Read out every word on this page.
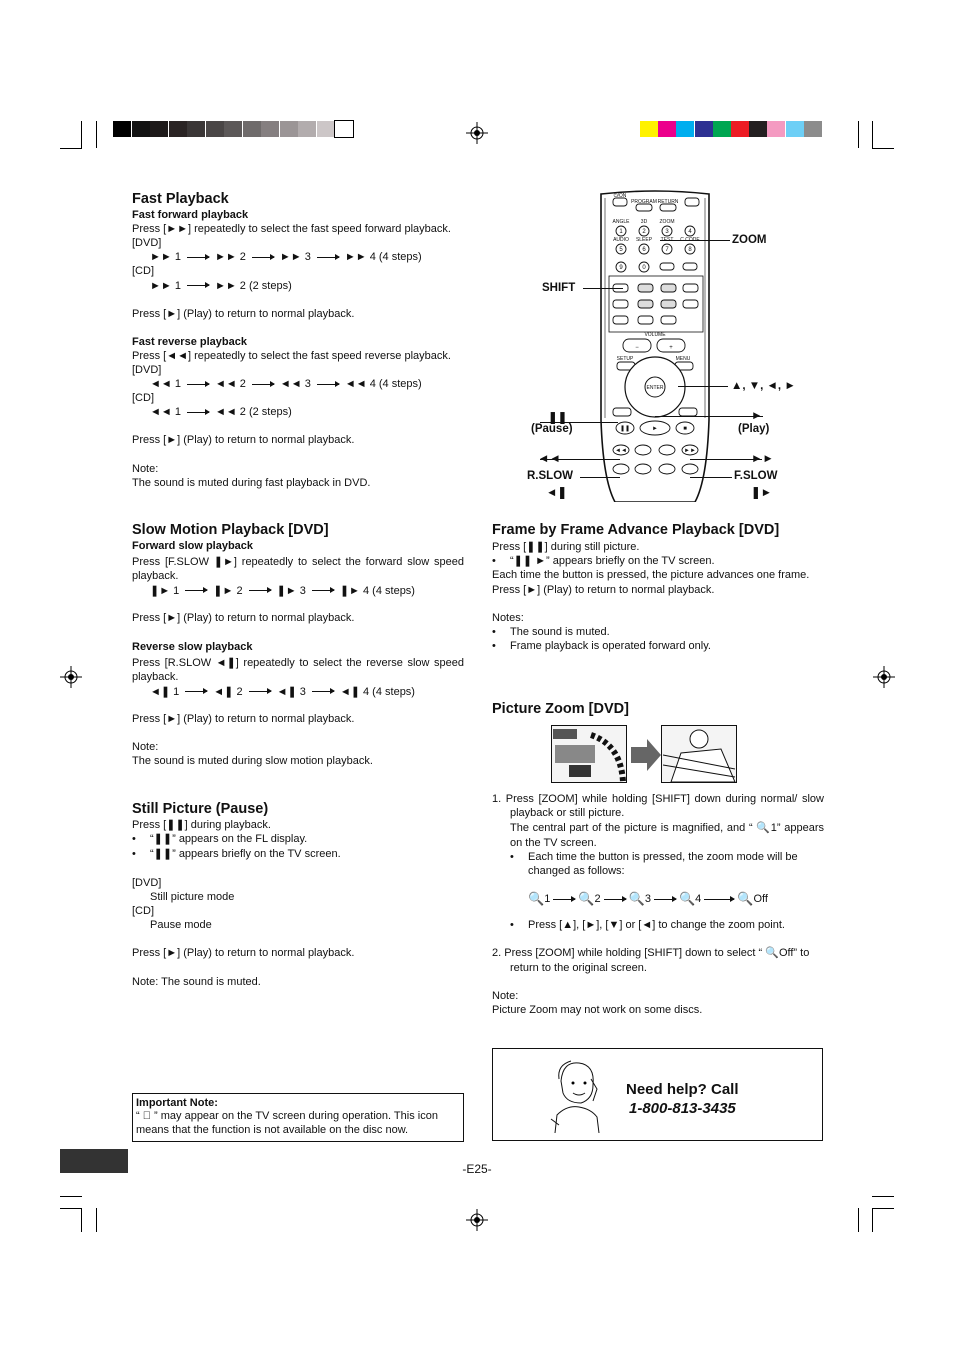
Fast Playback
Fast forward playback
Press [►►] repeatedly to select the fast speed forward playback.
[DVD]
►► 1	►► 2	►► 3	►► 4 (4 steps)
[CD]
►► 1	►► 2 (2 steps)
Press [►] (Play) to return to normal playback.
Fast reverse playback
Press [◄◄] repeatedly to select the fast speed reverse playback.
[DVD]
◄◄ 1	◄◄ 2	◄◄ 3	◄◄ 4 (4 steps)
[CD]
◄◄ 1	◄◄ 2 (2 steps)
Press [►] (Play) to return to normal playback.
Note:
The sound is muted during fast playback in DVD.
Slow Motion Playback [DVD]
Forward slow playback
Press [F.SLOW ❚►] repeatedly to select the forward slow speed playback.
❚► 1	❚► 2	❚► 3	❚► 4 (4 steps)
Press [►] (Play) to return to normal playback.
Reverse slow playback
Press [R.SLOW ◄❚] repeatedly to select the reverse slow speed playback.
◄❚ 1	◄❚ 2	◄❚ 3	◄❚ 4 (4 steps)
Press [►] (Play) to return to normal playback.
Note:
The sound is muted during slow motion playback.
Still Picture (Pause)
Press [❚❚] during playback.
• “❚❚” appears on the FL display.
• “❚❚” appears briefly on the TV screen.
[DVD]
Still picture mode
[CD]
Pause mode
Press [►] (Play) to return to normal playback.
Note: The sound is muted.
Important Note:
“ ⃠ ” may appear on the TV screen during operation. This icon means that the function is not available on the disc now.
⏻/ON
PROGRAM RETURN
ANGLE 3D ZOOM
AUDIO SLEEP
VOLUME
SETUP	MENU
1	2	3	4
5	6	7	8
9	0
−	+
❚❚	►	■
◄◄	►►
ENTER
ZOOM
SHIFT
▲, ▼, ◄, ►
❚❚
(Pause)
►
(Play)
◄◄
R.SLOW
◄❚
►►
F.SLOW
❚►
Frame by Frame Advance Playback [DVD]
Press [❚❚] during still picture.
• “❚❚ ►” appears briefly on the TV screen.
Each time the button is pressed, the picture advances one frame.
Press [►] (Play) to return to normal playback.
Notes:
• The sound is muted.
• Frame playback is operated forward only.
Picture Zoom [DVD]
1. Press [ZOOM] while holding [SHIFT] down during normal/ slow playback or still picture.
The central part of the picture is magnified, and “ 🔍1” appears on the TV screen.
• Each time the button is pressed, the zoom mode will be changed as follows:
🔍 1 🔍 2 🔍 3 🔍 4	🔍 Off
• Press [▲], [►], [▼] or [◄] to change the zoom point.
2. Press [ZOOM] while holding [SHIFT] down to select “ 🔍Off” to return to the original screen.
Note:
Picture Zoom may not work on some discs.
Need help? Call
1-800-813-3435
-E25-
